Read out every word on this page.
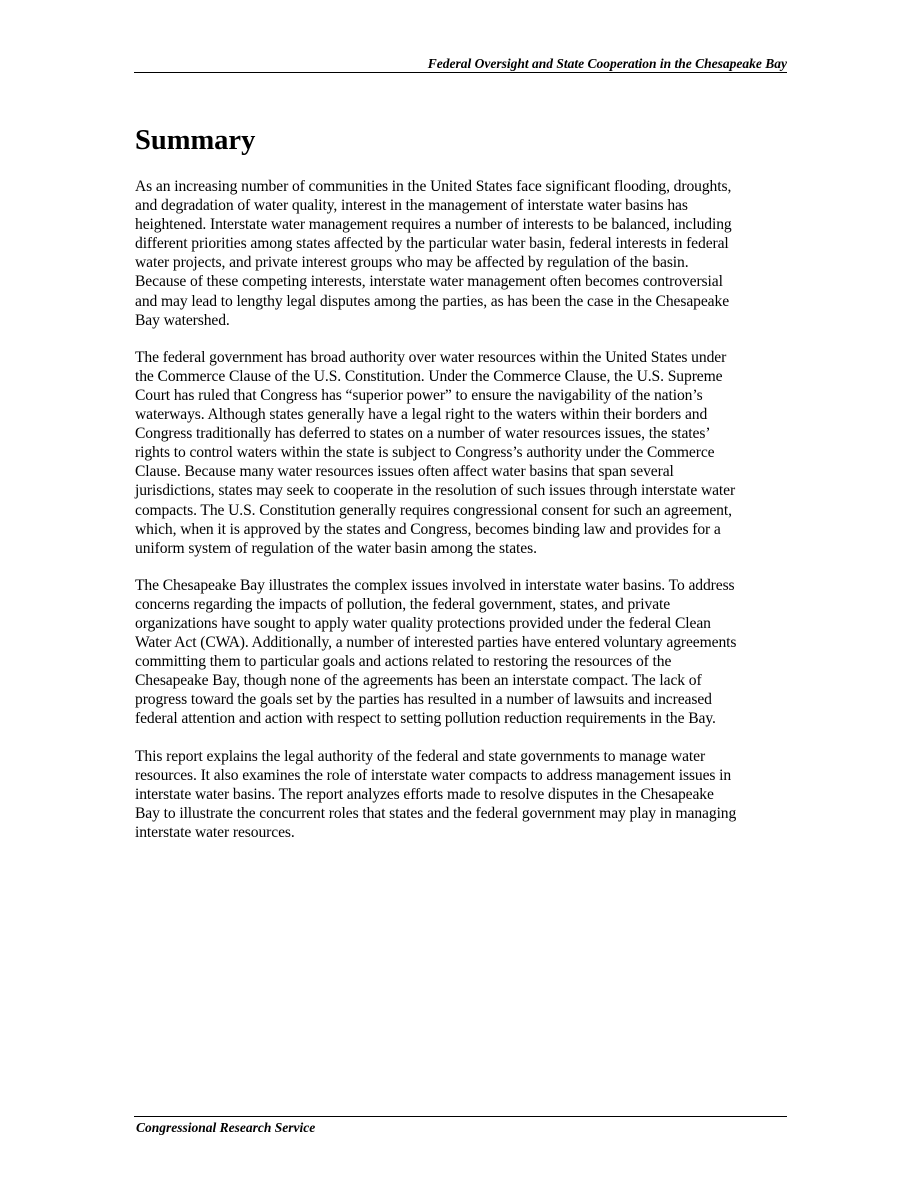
Federal Oversight and State Cooperation in the Chesapeake Bay
Summary

As an increasing number of communities in the United States face significant flooding, droughts,
and degradation of water quality, interest in the management of interstate water basins has
heightened. Interstate water management requires a number of interests to be balanced, including
different priorities among states affected by the particular water basin, federal interests in federal
water projects, and private interest groups who may be affected by regulation of the basin.
Because of these competing interests, interstate water management often becomes controversial
and may lead to lengthy legal disputes among the parties, as has been the case in the Chesapeake
Bay watershed.

The federal government has broad authority over water resources within the United States under
the Commerce Clause of the U.S. Constitution. Under the Commerce Clause, the U.S. Supreme
Court has ruled that Congress has “superior power” to ensure the navigability of the nation’s
waterways. Although states generally have a legal right to the waters within their borders and
Congress traditionally has deferred to states on a number of water resources issues, the states’
rights to control waters within the state is subject to Congress’s authority under the Commerce
Clause. Because many water resources issues often affect water basins that span several
jurisdictions, states may seek to cooperate in the resolution of such issues through interstate water
compacts. The U.S. Constitution generally requires congressional consent for such an agreement,
which, when it is approved by the states and Congress, becomes binding law and provides for a
uniform system of regulation of the water basin among the states.

The Chesapeake Bay illustrates the complex issues involved in interstate water basins. To address
concerns regarding the impacts of pollution, the federal government, states, and private
organizations have sought to apply water quality protections provided under the federal Clean
Water Act (CWA). Additionally, a number of interested parties have entered voluntary agreements
committing them to particular goals and actions related to restoring the resources of the
Chesapeake Bay, though none of the agreements has been an interstate compact. The lack of
progress toward the goals set by the parties has resulted in a number of lawsuits and increased
federal attention and action with respect to setting pollution reduction requirements in the Bay.

This report explains the legal authority of the federal and state governments to manage water
resources. It also examines the role of interstate water compacts to address management issues in
interstate water basins. The report analyzes efforts made to resolve disputes in the Chesapeake
Bay to illustrate the concurrent roles that states and the federal government may play in managing
interstate water resources.

Congressional Research Service
